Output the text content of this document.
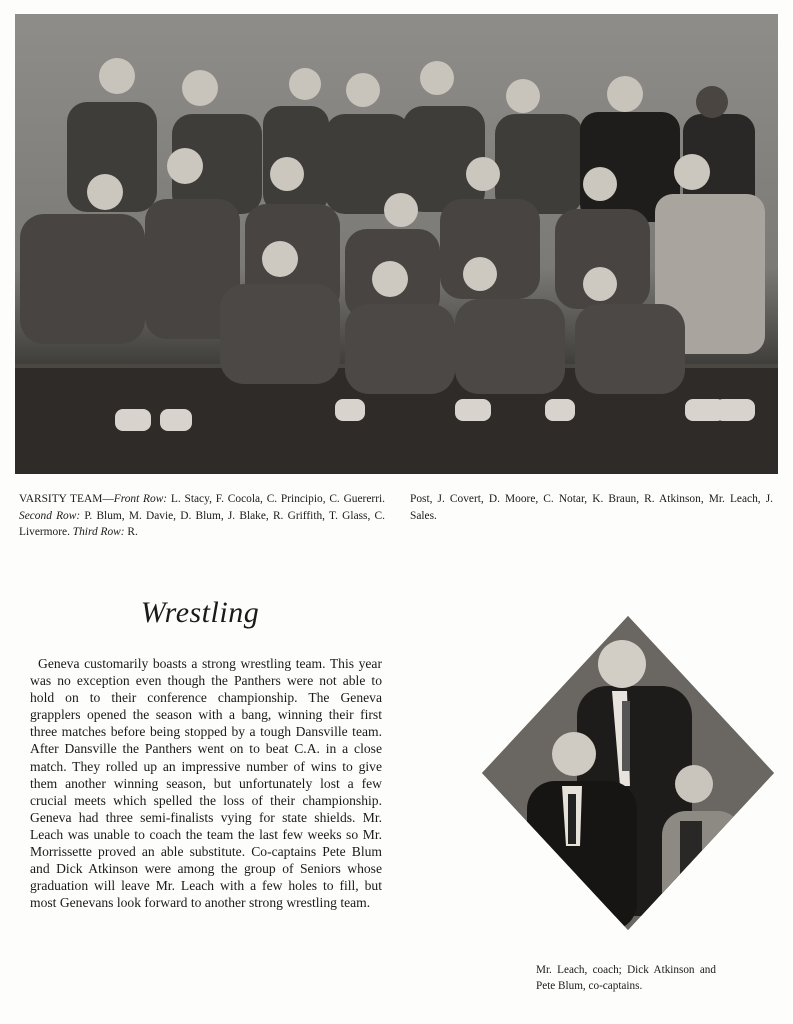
VARSITY TEAM—Front Row: L. Stacy, F. Cocola, C. Principio, C. Guererri. Second Row: P. Blum, M. Davie, D. Blum, J. Blake, R. Griffith, T. Glass, C. Livermore. Third Row: R.
Post, J. Covert, D. Moore, C. Notar, K. Braun, R. Atkinson, Mr. Leach, J. Sales.
Wrestling
Geneva customarily boasts a strong wrestling team. This year was no exception even though the Panthers were not able to hold on to their conference championship. The Geneva grapplers opened the season with a bang, winning their first three matches before being stopped by a tough Dansville team. After Dansville the Panthers went on to beat C.A. in a close match. They rolled up an impressive number of wins to give them another winning season, but unfortunately lost a few crucial meets which spelled the loss of their championship. Geneva had three semi-finalists vying for state shields. Mr. Leach was unable to coach the team the last few weeks so Mr. Morrissette proved an able substitute. Co-captains Pete Blum and Dick Atkinson were among the group of Seniors whose graduation will leave Mr. Leach with a few holes to fill, but most Genevans look forward to another strong wrestling team.
Mr. Leach, coach; Dick Atkinson and Pete Blum, co-captains.
